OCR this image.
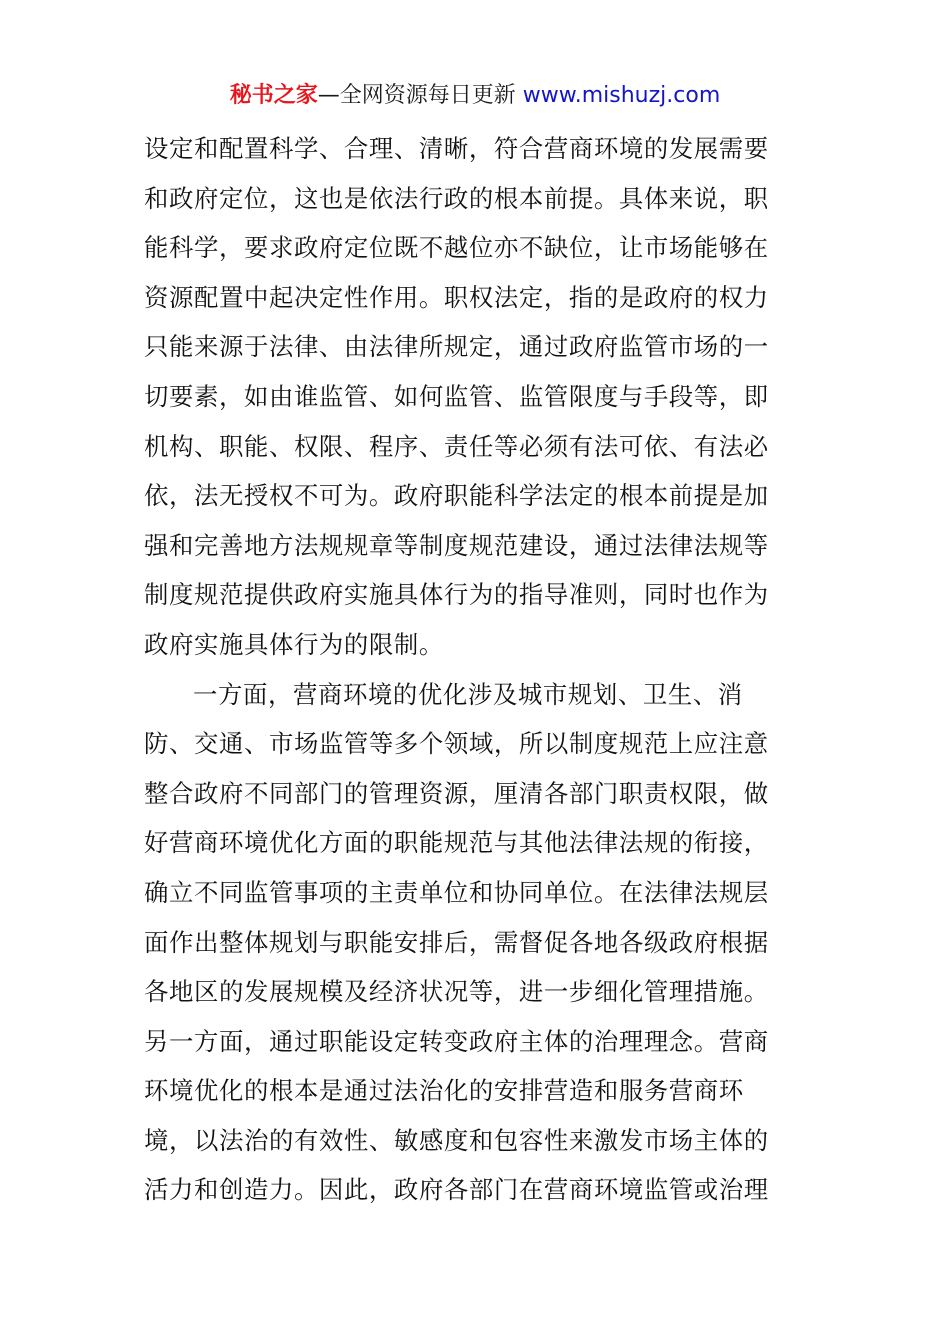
秘书之家—全网资源每日更新 www.mishuzj.com
设定和配置科学、合理、清晰，符合营商环境的发展需要
和政府定位，这也是依法行政的根本前提。具体来说，职
能科学，要求政府定位既不越位亦不缺位，让市场能够在
资源配置中起决定性作用。职权法定，指的是政府的权力
只能来源于法律、由法律所规定，通过政府监管市场的一
切要素，如由谁监管、如何监管、监管限度与手段等，即
机构、职能、权限、程序、责任等必须有法可依、有法必
依，法无授权不可为。政府职能科学法定的根本前提是加
强和完善地方法规规章等制度规范建设，通过法律法规等
制度规范提供政府实施具体行为的指导准则，同时也作为
政府实施具体行为的限制。
一方面，营商环境的优化涉及城市规划、卫生、消
防、交通、市场监管等多个领域，所以制度规范上应注意
整合政府不同部门的管理资源，厘清各部门职责权限，做
好营商环境优化方面的职能规范与其他法律法规的衔接，
确立不同监管事项的主责单位和协同单位。在法律法规层
面作出整体规划与职能安排后，需督促各地各级政府根据
各地区的发展规模及经济状况等，进一步细化管理措施。
另一方面，通过职能设定转变政府主体的治理理念。营商
环境优化的根本是通过法治化的安排营造和服务营商环
境，以法治的有效性、敏感度和包容性来激发市场主体的
活力和创造力。因此，政府各部门在营商环境监管或治理
